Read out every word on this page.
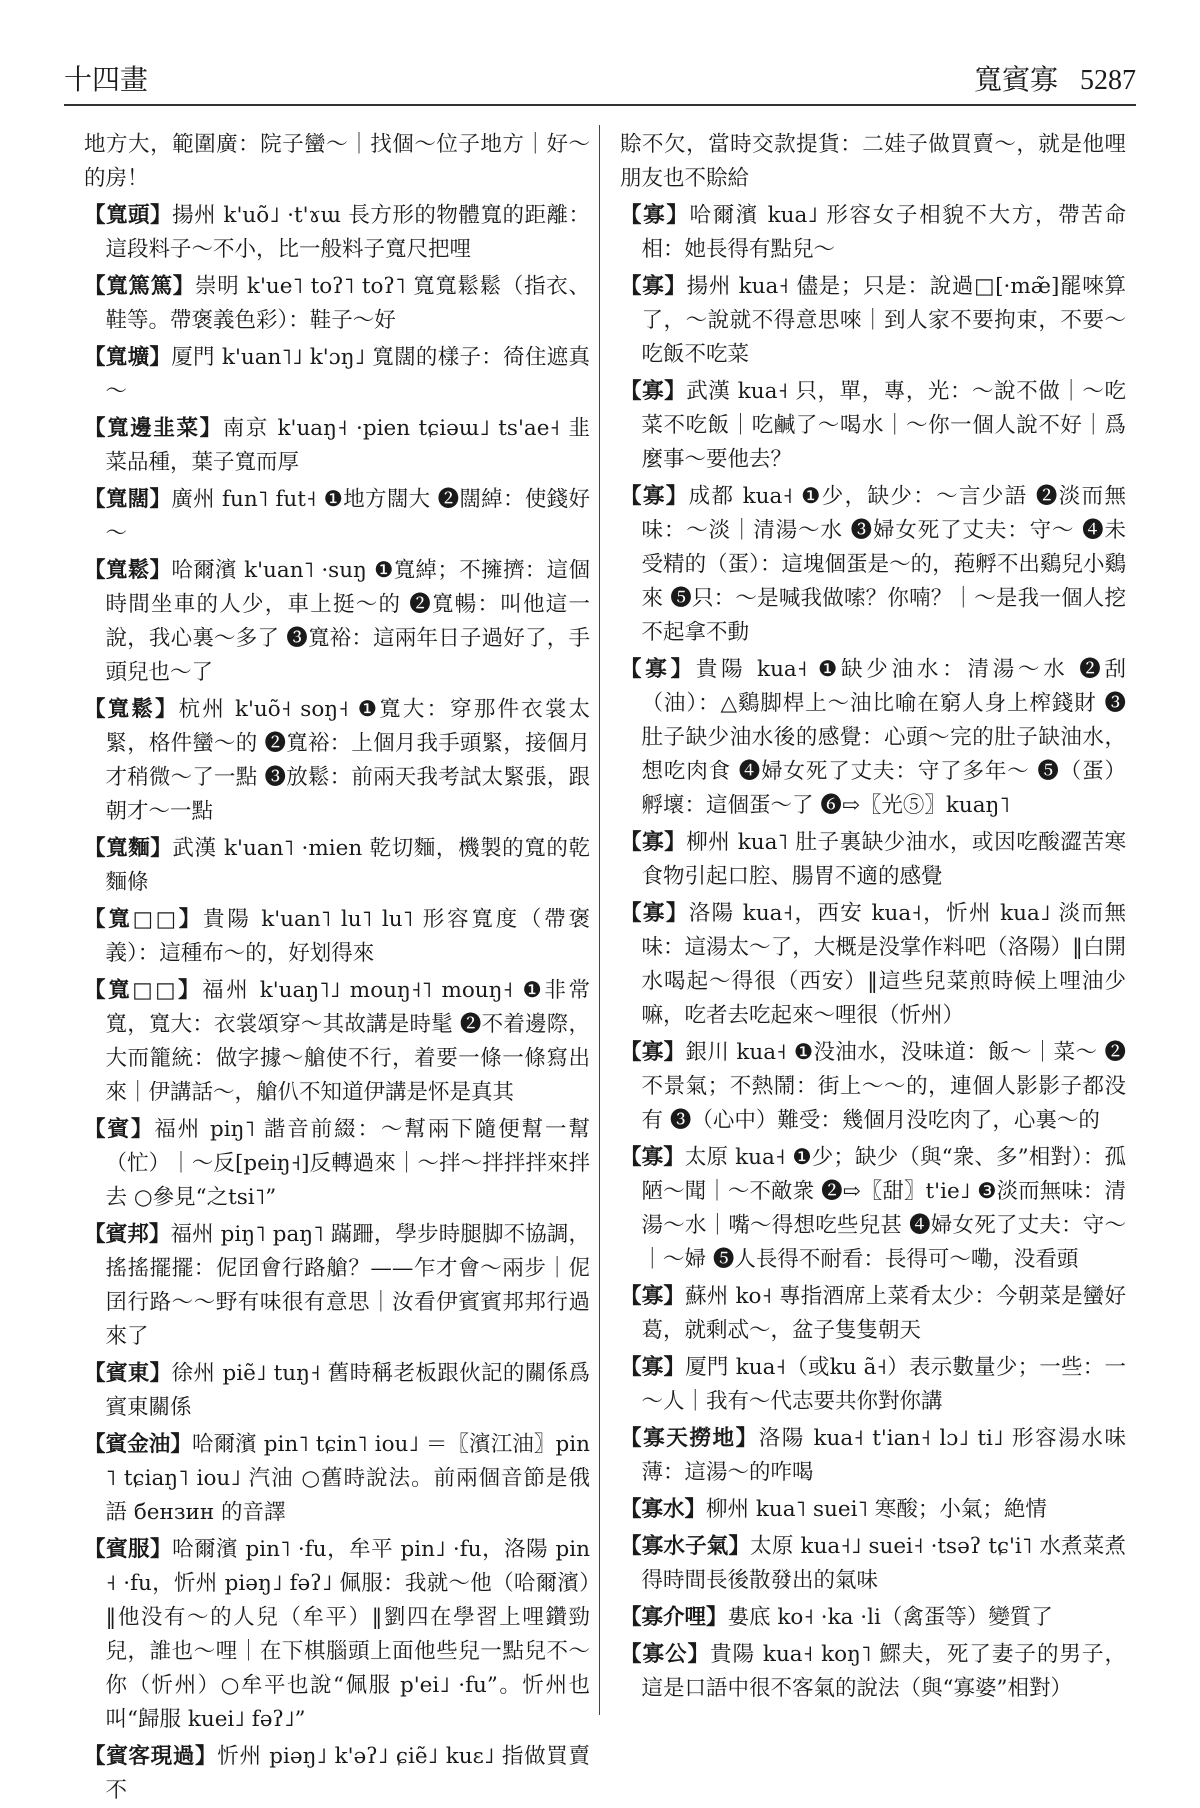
十四畫	寬賓寡 5287
地方大，範圍廣：院子蠻～｜找個～位子地方｜好～的房！
【寬頭】揚州 k'uõ˩ ·t'ɤɯ 長方形的物體寬的距離：這段料子～不小，比一般料子寬尺把哩
【寬篤篤】崇明 k'ue˥ toʔ˥ toʔ˥ 寬寬鬆鬆（指衣、鞋等。帶褒義色彩）：鞋子～好
【寬壙】厦門 k'uan˥˩ k'ɔŋ˩ 寬闊的樣子：徛住遮真～
【寬邊韭菜】南京 k'uaŋ˧ ·pien tɕiəɯ˩ ts'ae˧ 韭菜品種，葉子寬而厚
【寬闊】廣州 fun˥ fut˧ ❶地方闊大 ❷闊綽：使錢好～
【寬鬆】哈爾濱 k'uan˥ ·suŋ ❶寬綽；不擁擠：這個時間坐車的人少，車上挺～的 ❷寬暢：叫他這一說，我心裏～多了 ❸寬裕：這兩年日子過好了，手頭兒也～了
【寬鬆】杭州 k'uõ˧ soŋ˧ ❶寬大：穿那件衣裳太緊，格件蠻～的 ❷寬裕：上個月我手頭緊，接個月才稍微～了一點 ❸放鬆：前兩天我考試太緊張，跟朝才～一點
【寬麵】武漢 k'uan˥ ·mien 乾切麵，機製的寬的乾麵條
【寬□□】貴陽 k'uan˥ lu˥ lu˥ 形容寬度（帶褒義）：這種布～的，好划得來
【寬□□】福州 k'uaŋ˥˩ mouŋ˧˥ mouŋ˧ ❶非常寬，寬大：衣裳頌穿～其故講是時髦 ❷不着邊際，大而籠統：做字據～艙使不行，着要一條一條寫出來｜伊講話～，艙仈不知道伊講是怀是真其
【賓】福州 piŋ˥ 諧音前綴：～幫兩下隨便幫一幫（忙）｜～反[peiŋ˧]反轉過來｜～拌～拌拌拌來拌去 ○參見“之tsi˥”
【賓邦】福州 piŋ˥ paŋ˥ 蹣跚，學步時腿脚不協調，搖搖擺擺：伲囝會行路艙？——乍才會～兩步｜伲囝行路～～野有味很有意思｜汝看伊賓賓邦邦行過來了
【賓東】徐州 piẽ˩ tuŋ˧ 舊時稱老板跟伙記的關係爲賓東關係
【賓金油】哈爾濱 pin˥ tɕin˥ iou˩ ＝〖濱江油〗pin˥ tɕiaŋ˥ iou˩ 汽油 ○舊時說法。前兩個音節是俄語 бензин 的音譯
【賓服】哈爾濱 pin˥ ·fu，牟平 pin˩ ·fu，洛陽 pin˧ ·fu，忻州 piəŋ˩ fəʔ˩ 佩服：我就～他（哈爾濱）‖他没有～的人兒（牟平）‖劉四在學習上哩鑽勁兒，誰也～哩｜在下棋腦頭上面他些兒一點兒不～你（忻州）○牟平也說“佩服 p'ei˩ ·fu”。忻州也叫“歸服 kuei˩ fəʔ˩”
【賓客現過】忻州 piəŋ˩ k'əʔ˩ ɕiẽ˩ kuɛ˩ 指做買賣不
賒不欠，當時交款提貨：二娃子做買賣～，就是他哩朋友也不賒給
【寡】哈爾濱 kua˩ 形容女子相貌不大方，帶苦命相：她長得有點兒～
【寡】揚州 kua˧ 儘是；只是：說過□[·mæ̃]罷唻算了，～說就不得意思唻｜到人家不要拘束，不要～吃飯不吃菜
【寡】武漢 kua˧ 只，單，專，光：～說不做｜～吃菜不吃飯｜吃鹹了～喝水｜～你一個人說不好｜爲麼事～要他去？
【寡】成都 kua˧ ❶少，缺少：～言少語 ❷淡而無味：～淡｜清湯～水 ❸婦女死了丈夫：守～ ❹未受精的（蛋）：這塊個蛋是～的，菢孵不出鷄兒小鷄來 ❺只：～是喊我做嗦？你喃？｜～是我一個人挖不起拿不動
【寡】貴陽 kua˧ ❶缺少油水：清湯～水 ❷刮（油）：△鷄脚桿上～油比喻在窮人身上榨錢財 ❸肚子缺少油水後的感覺：心頭～完的肚子缺油水，想吃肉食 ❹婦女死了丈夫：守了多年～ ❺（蛋）孵壞：這個蛋～了 ❻⇨〖光⑤〗kuaŋ˥
【寡】柳州 kua˥ 肚子裏缺少油水，或因吃酸澀苦寒食物引起口腔、腸胃不適的感覺
【寡】洛陽 kua˧，西安 kua˧，忻州 kua˩ 淡而無味：這湯太～了，大概是没掌作料吧（洛陽）‖白開水喝起～得很（西安）‖這些兒菜煎時候上哩油少嘛，吃者去吃起來～哩很（忻州）
【寡】銀川 kua˧ ❶没油水，没味道：飯～｜菜～ ❷不景氣；不熱鬧：街上～～的，連個人影影子都没有 ❸（心中）難受：幾個月没吃肉了，心裏～的
【寡】太原 kua˧ ❶少；缺少（與“衆、多”相對）：孤陋～聞｜～不敵衆 ❷⇨〖甜〗t'ie˩ ❸淡而無味：清湯～水｜嘴～得想吃些兒甚 ❹婦女死了丈夫：守～｜～婦 ❺人長得不耐看：長得可～嘞，没看頭
【寡】蘇州 ko˧ 專指酒席上菜肴太少：今朝菜是蠻好葛，就剩忒～，盆子隻隻朝天
【寡】厦門 kua˧（或ku ã˧）表示數量少；一些：一～人｜我有～代志要共你對你講
【寡天撈地】洛陽 kua˧ t'ian˧ lɔ˩ ti˩ 形容湯水味薄：這湯～的咋喝
【寡水】柳州 kua˥ suei˥ 寒酸；小氣；絶情
【寡水子氣】太原 kua˧˩ suei˧ ·tsəʔ tɕ'i˥ 水煮菜煮得時間長後散發出的氣味
【寡介哩】婁底 ko˧ ·ka ·li（禽蛋等）變質了
【寡公】貴陽 kua˧ koŋ˥ 鰥夫，死了妻子的男子，這是口語中很不客氣的說法（與“寡婆”相對）
